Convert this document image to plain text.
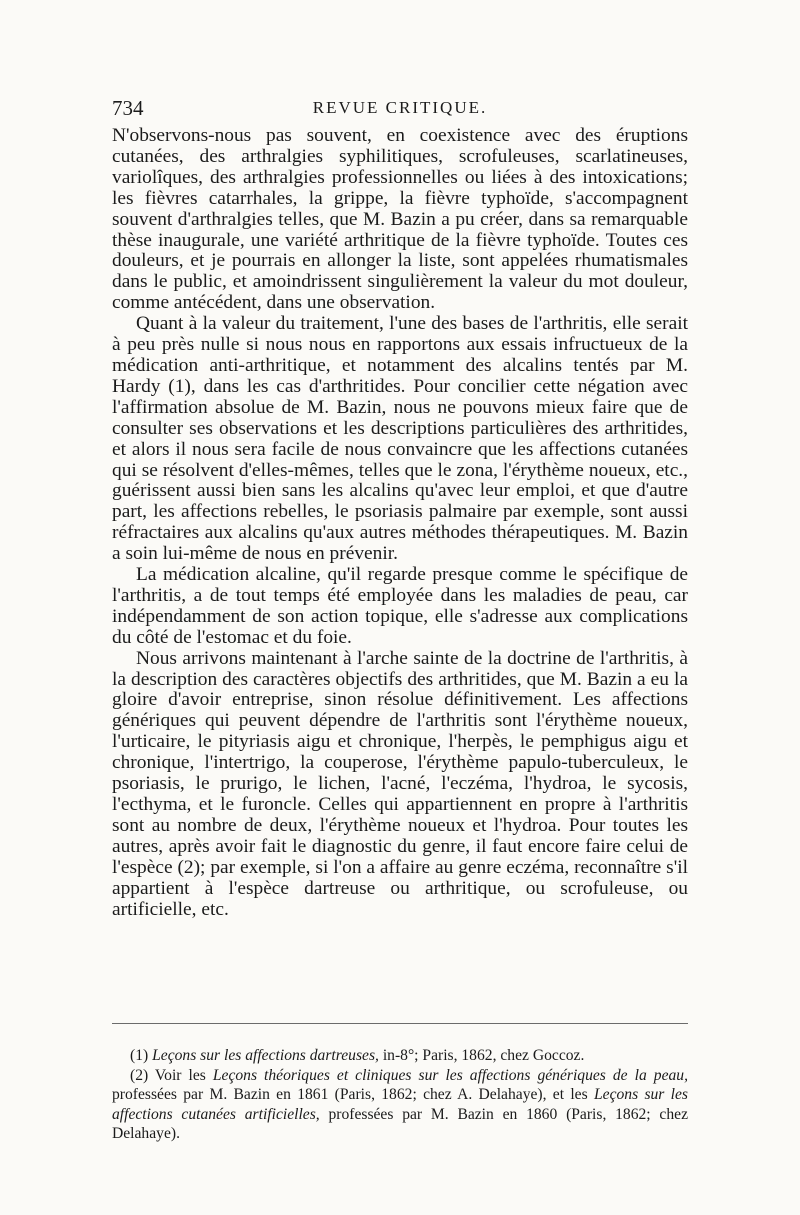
734	REVUE CRITIQUE.

N'observons-nous pas souvent, en coexistence avec des éruptions cutanées, des arthralgies syphilitiques, scrofuleuses, scarlatineuses, variolîques, des arthralgies professionnelles ou liées à des intoxications; les fièvres catarrhales, la grippe, la fièvre typhoïde, s'accompagnent souvent d'arthralgies telles, que M. Bazin a pu créer, dans sa remarquable thèse inaugurale, une variété arthritique de la fièvre typhoïde. Toutes ces douleurs, et je pourrais en allonger la liste, sont appelées rhumatismales dans le public, et amoindrissent singulièrement la valeur du mot douleur, comme antécédent, dans une observation.

Quant à la valeur du traitement, l'une des bases de l'arthritis, elle serait à peu près nulle si nous nous en rapportons aux essais infructueux de la médication anti-arthritique, et notamment des alcalins tentés par M. Hardy (1), dans les cas d'arthritides. Pour concilier cette négation avec l'affirmation absolue de M. Bazin, nous ne pouvons mieux faire que de consulter ses observations et les descriptions particulières des arthritides, et alors il nous sera facile de nous convaincre que les affections cutanées qui se résolvent d'elles-mêmes, telles que le zona, l'érythème noueux, etc., guérissent aussi bien sans les alcalins qu'avec leur emploi, et que d'autre part, les affections rebelles, le psoriasis palmaire par exemple, sont aussi réfractaires aux alcalins qu'aux autres méthodes thérapeutiques. M. Bazin a soin lui-même de nous en prévenir.

La médication alcaline, qu'il regarde presque comme le spécifique de l'arthritis, a de tout temps été employée dans les maladies de peau, car indépendamment de son action topique, elle s'adresse aux complications du côté de l'estomac et du foie.

Nous arrivons maintenant à l'arche sainte de la doctrine de l'arthritis, à la description des caractères objectifs des arthritides, que M. Bazin a eu la gloire d'avoir entreprise, sinon résolue définitivement. Les affections génériques qui peuvent dépendre de l'arthritis sont l'érythème noueux, l'urticaire, le pityriasis aigu et chronique, l'herpès, le pemphigus aigu et chronique, l'intertrigo, la couperose, l'érythème papulo-tuberculeux, le psoriasis, le prurigo, le lichen, l'acné, l'eczéma, l'hydroa, le sycosis, l'ecthyma, et le furoncle. Celles qui appartiennent en propre à l'arthritis sont au nombre de deux, l'érythème noueux et l'hydroa. Pour toutes les autres, après avoir fait le diagnostic du genre, il faut encore faire celui de l'espèce (2); par exemple, si l'on a affaire au genre eczéma, reconnaître s'il appartient à l'espèce dartreuse ou arthritique, ou scrofuleuse, ou artificielle, etc.

(1) Leçons sur les affections dartreuses, in-8°; Paris, 1862, chez Goccoz.

(2) Voir les Leçons théoriques et cliniques sur les affections génériques de la peau, professées par M. Bazin en 1861 (Paris, 1862; chez A. Delahaye), et les Leçons sur les affections cutanées artificielles, professées par M. Bazin en 1860 (Paris, 1862; chez Delahaye).
